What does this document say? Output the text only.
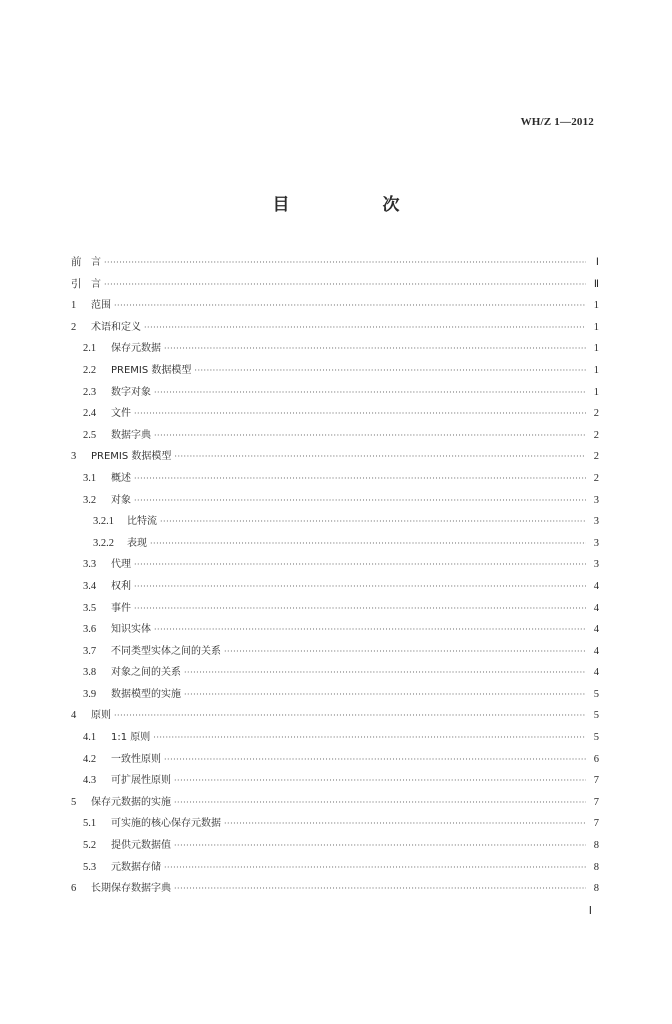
WH/Z 1—2012
目　次
前 言 ·····	Ⅰ
引 言 ·····	Ⅱ
1	范围 ·····	1
2	术语和定义 ·····	1
2.1	保存元数据 ·····	1
2.2	PREMIS 数据模型 ·····	1
2.3	数字对象 ·····	1
2.4	文件 ·····	2
2.5	数据字典 ·····	2
3	PREMIS 数据模型 ·····	2
3.1	概述 ·····	2
3.2	对象 ·····	3
3.2.1	比特流 ·····	3
3.2.2	表现 ·····	3
3.3	代理 ·····	3
3.4	权利 ·····	4
3.5	事件 ·····	4
3.6	知识实体 ·····	4
3.7	不同类型实体之间的关系 ·····	4
3.8	对象之间的关系 ·····	4
3.9	数据模型的实施 ·····	5
4	原则 ·····	5
4.1	1:1 原则 ·····	5
4.2	一致性原则 ·····	6
4.3	可扩展性原则 ·····	7
5	保存元数据的实施 ·····	7
5.1	可实施的核心保存元数据 ·····	7
5.2	提供元数据值 ·····	8
5.3	元数据存储 ·····	8
6	长期保存数据字典 ·····	8
Ⅰ
